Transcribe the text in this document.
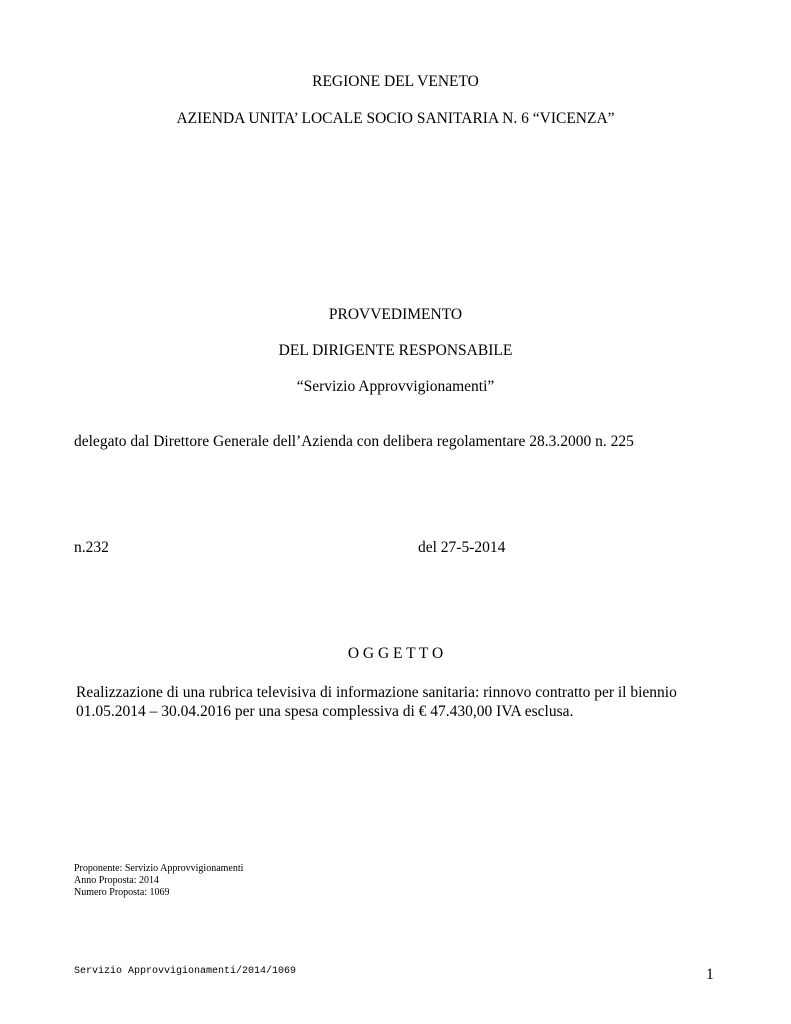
REGIONE DEL VENETO
AZIENDA UNITA’ LOCALE SOCIO SANITARIA N. 6 “VICENZA”
PROVVEDIMENTO
DEL DIRIGENTE RESPONSABILE
“Servizio Approvvigionamenti”
delegato dal Direttore Generale dell’Azienda con delibera regolamentare 28.3.2000 n. 225
n.232	del 27-5-2014
O G G E T T O
Realizzazione di una rubrica televisiva di informazione sanitaria: rinnovo contratto per il biennio
01.05.2014 – 30.04.2016 per una spesa complessiva di € 47.430,00 IVA esclusa.
Proponente: Servizio Approvvigionamenti
Anno Proposta: 2014
Numero Proposta: 1069
Servizio Approvvigionamenti/2014/1069	1
